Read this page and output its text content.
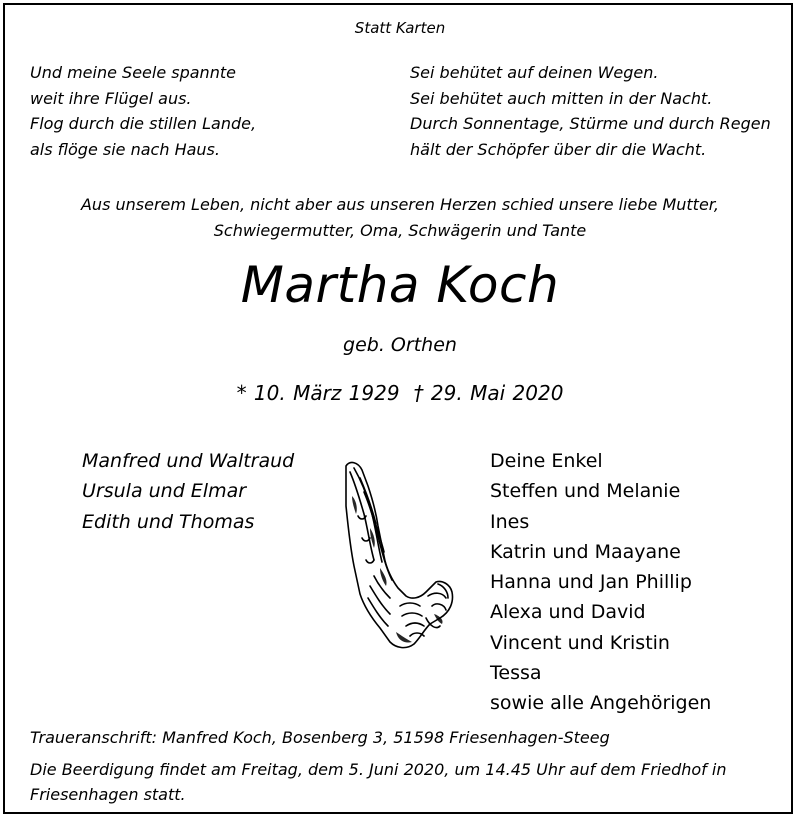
Statt Karten
Und meine Seele spannte
weit ihre Flügel aus.
Flog durch die stillen Lande,
als flöge sie nach Haus.
Sei behütet auf deinen Wegen.
Sei behütet auch mitten in der Nacht.
Durch Sonnentage, Stürme und durch Regen
hält der Schöpfer über dir die Wacht.
Aus unserem Leben, nicht aber aus unseren Herzen schied unsere liebe Mutter,
Schwiegermutter, Oma, Schwägerin und Tante
Martha Koch
geb. Orthen
* 10. März 1929 † 29. Mai 2020
Manfred und Waltraud
Ursula und Elmar
Edith und Thomas
Deine Enkel
Steffen und Melanie
Ines
Katrin und Maayane
Hanna und Jan Phillip
Alexa und David
Vincent und Kristin
Tessa
sowie alle Angehörigen
Traueranschrift: Manfred Koch, Bosenberg 3, 51598 Friesenhagen-Steeg
Die Beerdigung findet am Freitag, dem 5. Juni 2020, um 14.45 Uhr auf dem Friedhof in
Friesenhagen statt.
